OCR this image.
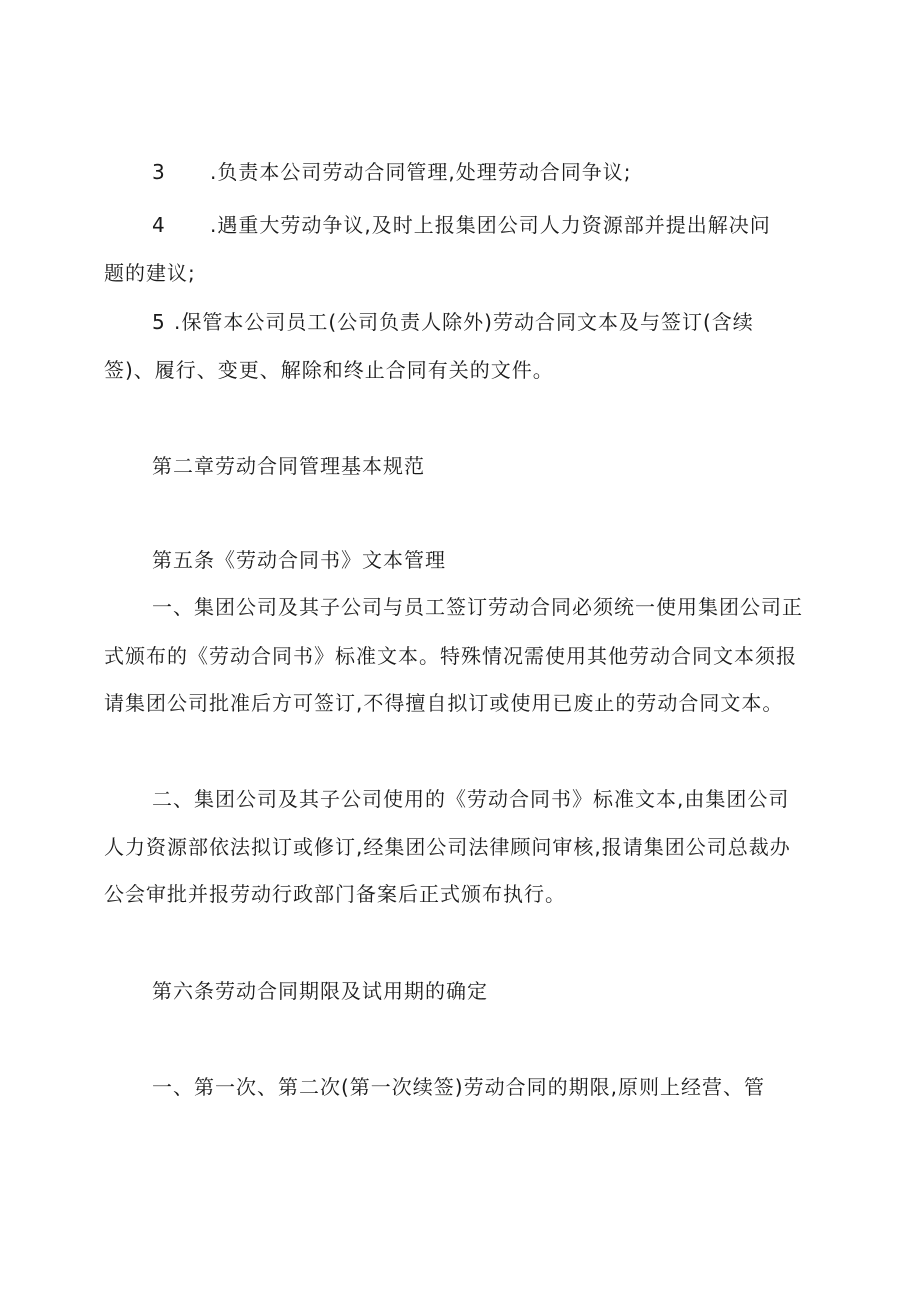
3 .负责本公司劳动合同管理,处理劳动合同争议;
4 .遇重大劳动争议,及时上报集团公司人力资源部并提出解决问
题的建议;
5 .保管本公司员工(公司负责人除外)劳动合同文本及与签订(含续
签)、履行、变更、解除和终止合同有关的文件。
第二章劳动合同管理基本规范
第五条《劳动合同书》文本管理
一、集团公司及其子公司与员工签订劳动合同必须统一使用集团公司正
式颁布的《劳动合同书》标准文本。特殊情况需使用其他劳动合同文本须报
请集团公司批准后方可签订,不得擅自拟订或使用已废止的劳动合同文本。
二、集团公司及其子公司使用的《劳动合同书》标准文本,由集团公司
人力资源部依法拟订或修订,经集团公司法律顾问审核,报请集团公司总裁办
公会审批并报劳动行政部门备案后正式颁布执行。
第六条劳动合同期限及试用期的确定
一、第一次、第二次(第一次续签)劳动合同的期限,原则上经营、管
